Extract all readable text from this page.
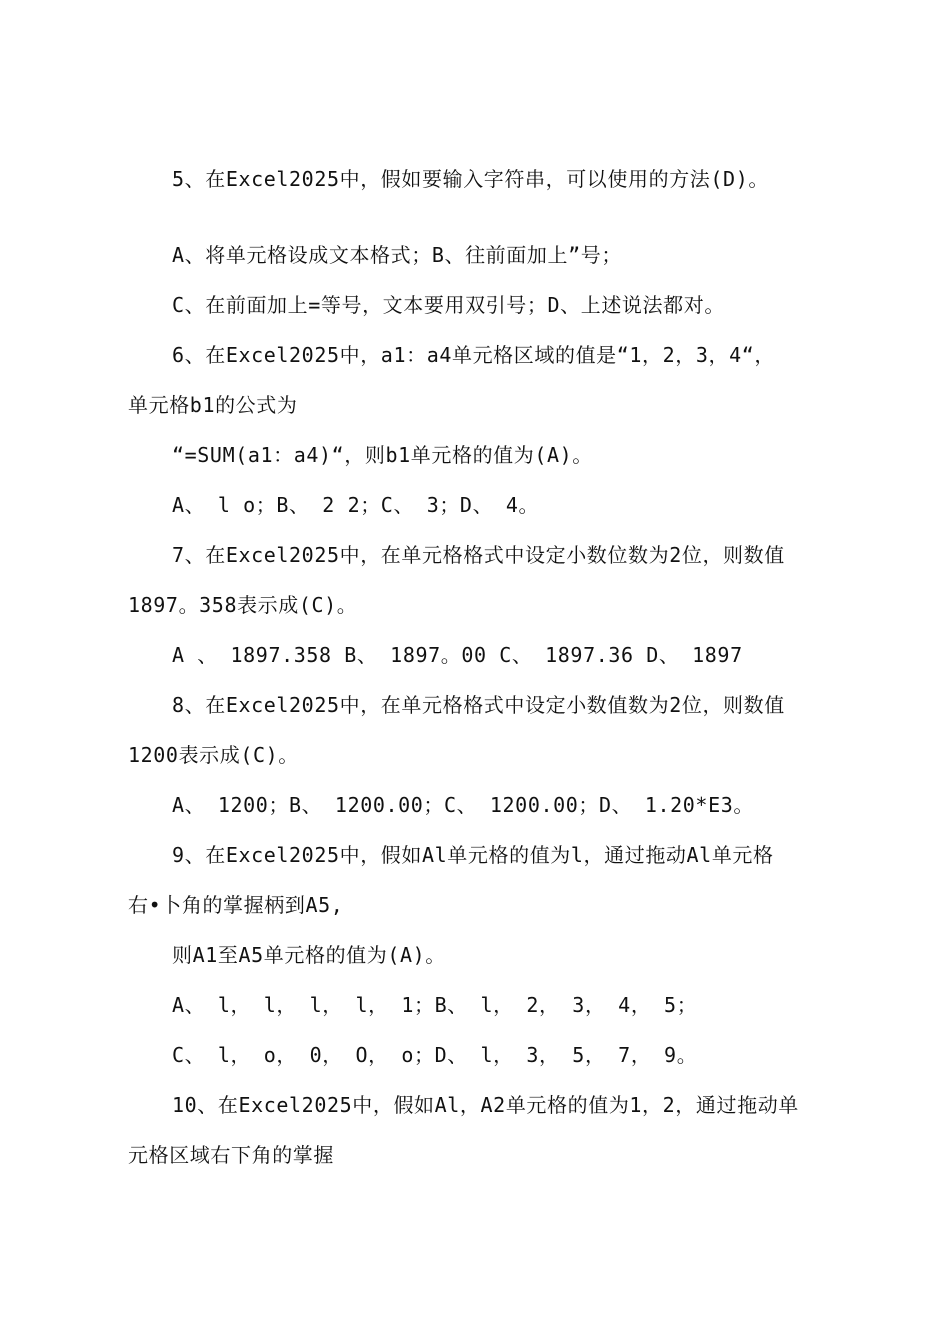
5、在Excel2025中，假如要输入字符串，可以使用的方法(D)。

A、将单元格设成文本格式；B、往前面加上”号；

C、在前面加上=等号，文本要用双引号；D、上述说法都对。

6、在Excel2025中，a1：a4单元格区域的值是“1，2，3，4“，

单元格b1的公式为

“=SUM(a1：a4)“，则b1单元格的值为(A)。

A、 l o；B、 2 2；C、 3；D、 4。

7、在Excel2025中，在单元格格式中设定小数位数为2位，则数值

1897。358表示成(C)。

A 、 1897.358 B、 1897。00 C、 1897.36 D、 1897

8、在Excel2025中，在单元格格式中设定小数值数为2位，则数值

1200表示成(C)。

A、 1200；B、 1200.00；C、 1200.00；D、 1.20*E3。

9、在Excel2025中，假如Al单元格的值为l，通过拖动Al单元格

右•卜角的掌握柄到A5,

则A1至A5单元格的值为(A)。

A、 l， l， l， l， 1；B、 l， 2， 3， 4， 5；

C、 l， o， 0， O， o；D、 l， 3， 5， 7， 9。

10、在Excel2025中，假如Al，A2单元格的值为1，2，通过拖动单

元格区域右下角的掌握
